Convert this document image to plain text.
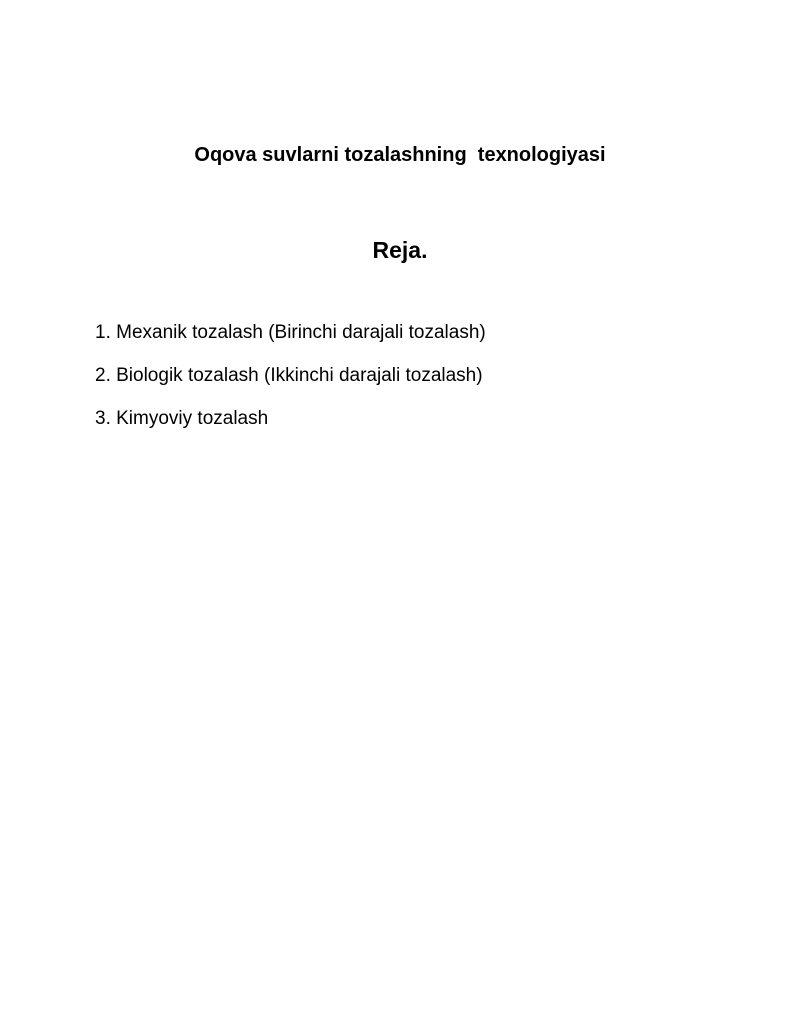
Oqova suvlarni tozalashning  texnologiyasi
Reja.
1. Mexanik tozalash (Birinchi darajali tozalash)
2. Biologik tozalash (Ikkinchi darajali tozalash)
3. Kimyoviy tozalash
